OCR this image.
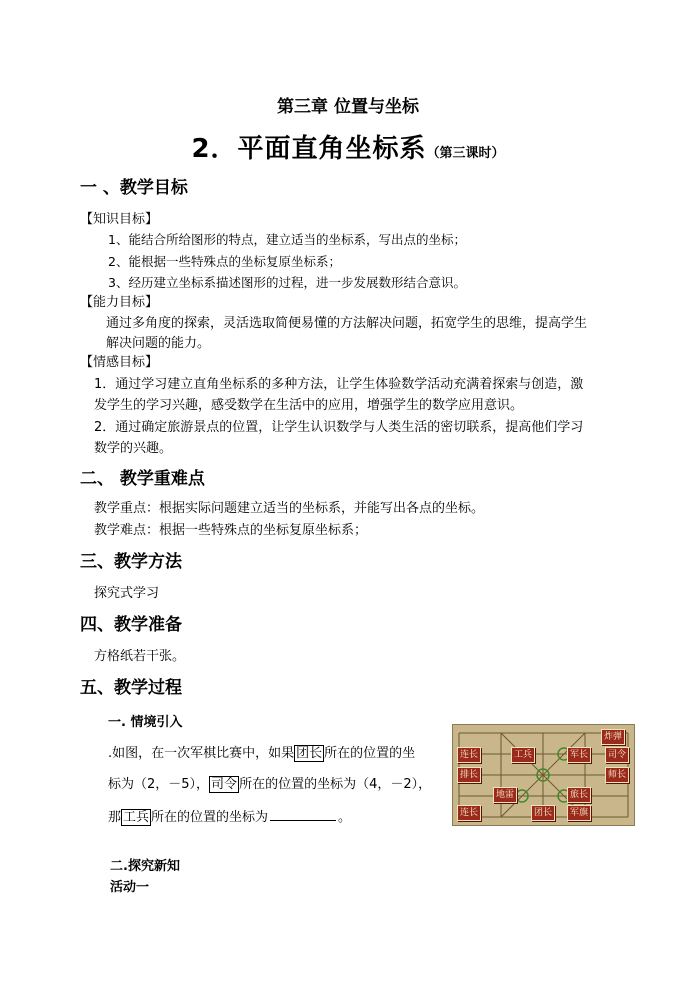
第三章 位置与坐标
2．平面直角坐标系（第三课时）
一 、教学目标
【知识目标】
1、能结合所给图形的特点，建立适当的坐标系，写出点的坐标；
2、能根据一些特殊点的坐标复原坐标系；
3、经历建立坐标系描述图形的过程，进一步发展数形结合意识。
【能力目标】
通过多角度的探索，灵活选取简便易懂的方法解决问题，拓宽学生的思维，提高学生
解决问题的能力。
【情感目标】
1．通过学习建立直角坐标系的多种方法，让学生体验数学活动充满着探索与创造，激
发学生的学习兴趣，感受数学在生活中的应用，增强学生的数学应用意识。
2．通过确定旅游景点的位置，让学生认识数学与人类生活的密切联系，提高他们学习
数学的兴趣。
二、 教学重难点
教学重点：根据实际问题建立适当的坐标系，并能写出各点的坐标。
教学难点：根据一些特殊点的坐标复原坐标系；
三、教学方法
探究式学习
四、教学准备
方格纸若干张。
五、教学过程
一. 情境引入
.如图，在一次军棋比赛中，如果 团长 所在的位置的坐
标为（2，－5）， 司令 所在的位置的坐标为（4，－2），
那 工兵 所在的位置的坐标为	。
炸弹
连长	工兵	军长	司令
排长	师长
地雷	旅长
连长	团长	军旗
二.探究新知
活动一
